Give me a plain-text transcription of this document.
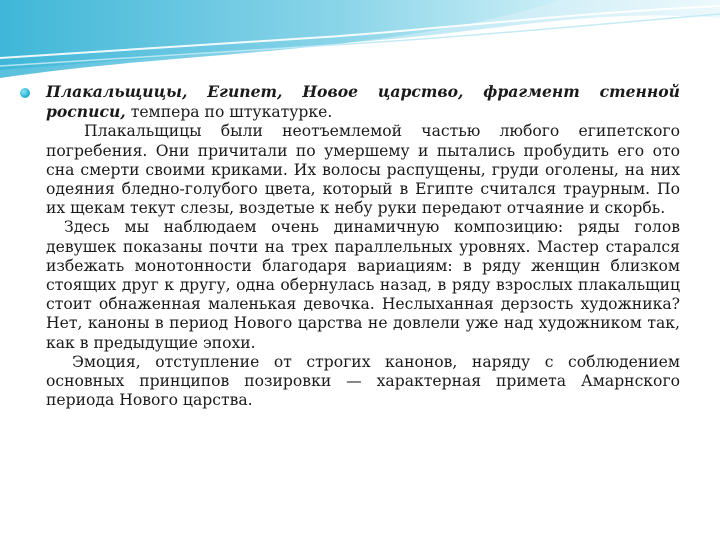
Плакальщицы, Египет, Новое царство, фрагмент стенной росписи, темпера по штукатурке.

Плакальщицы были неотъемлемой частью любого египетского погребения. Они причитали по умершему и пытались пробудить его ото сна смерти своими криками. Их волосы распущены, груди оголены, на них одеяния бледно-голубого цвета, который в Египте считался траурным. По их щекам текут слезы, воздетые к небу руки передают отчаяние и скорбь.

Здесь мы наблюдаем очень динамичную композицию: ряды голов девушек показаны почти на трех параллельных уровнях. Мастер старался избежать монотонности благодаря вариациям: в ряду женщин близком стоящих друг к другу, одна обернулась назад, в ряду взрослых плакальщиц стоит обнаженная маленькая девочка. Неслыханная дерзость художника? Нет, каноны в период Нового царства не довлели уже над художником так, как в предыдущие эпохи.

Эмоция, отступление от строгих канонов, наряду с соблюдением основных принципов позировки — характерная примета Амарнского периода Нового царства.
